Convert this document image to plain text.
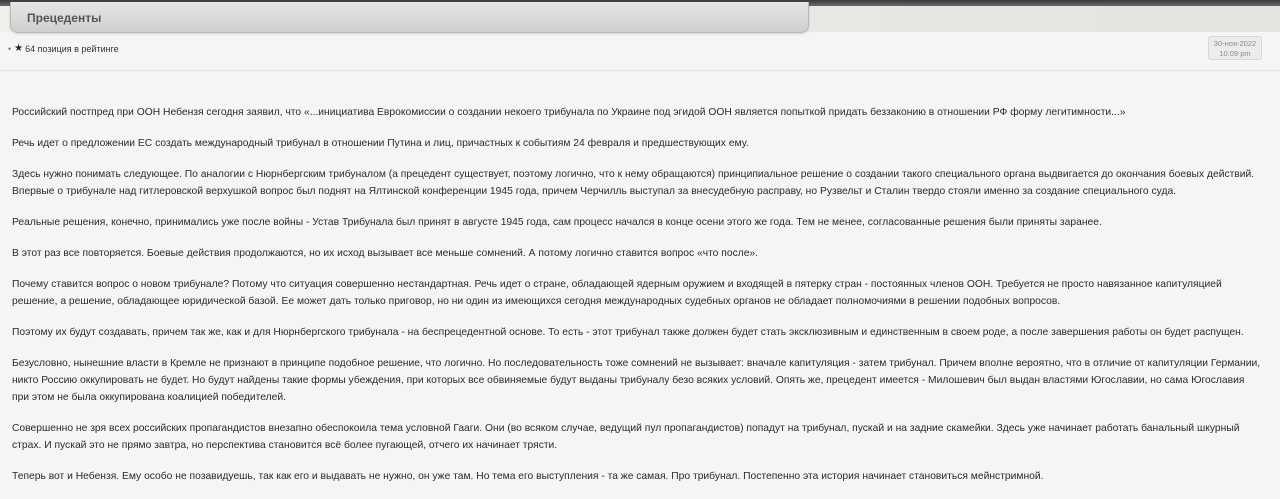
Прецеденты
• ★ 64 позиция в рейтинге	30-ноя-2022
10:09 pm

Российский постпред при ООН Небензя сегодня заявил, что «...инициатива Еврокомиссии о создании некоего трибунала по Украине под эгидой ООН является попыткой придать беззаконию в отношении РФ форму легитимности...»

Речь идет о предложении ЕС создать международный трибунал в отношении Путина и лиц, причастных к событиям 24 февраля и предшествующих ему.

Здесь нужно понимать следующее. По аналогии с Нюрнбергским трибуналом (а прецедент существует, поэтому логично, что к нему обращаются) принципиальное решение о создании такого специального органа выдвигается до окончания боевых действий. Впервые о трибунале над гитлеровской верхушкой вопрос был поднят на Ялтинской конференции 1945 года, причем Черчилль выступал за внесудебную расправу, но Рузвельт и Сталин твердо стояли именно за создание специального суда.

Реальные решения, конечно, принимались уже после войны - Устав Трибунала был принят в августе 1945 года, сам процесс начался в конце осени этого же года. Тем не менее, согласованные решения были приняты заранее.

В этот раз все повторяется. Боевые действия продолжаются, но их исход вызывает все меньше сомнений. А потому логично ставится вопрос «что после».

Почему ставится вопрос о новом трибунале? Потому что ситуация совершенно нестандартная. Речь идет о стране, обладающей ядерным оружием и входящей в пятерку стран - постоянных членов ООН. Требуется не просто навязанное капитуляцией решение, а решение, обладающее юридической базой. Ее может дать только приговор, но ни один из имеющихся сегодня международных судебных органов не обладает полномочиями в решении подобных вопросов.

Поэтому их будут создавать, причем так же, как и для Нюрнбергского трибунала - на беспрецедентной основе. То есть - этот трибунал также должен будет стать эксклюзивным и единственным в своем роде, а после завершения работы он будет распущен.

Безусловно, нынешние власти в Кремле не признают в принципе подобное решение, что логично. Но последовательность тоже сомнений не вызывает: вначале капитуляция - затем трибунал. Причем вполне вероятно, что в отличие от капитуляции Германии, никто Россию оккупировать не будет. Но будут найдены такие формы убеждения, при которых все обвиняемые будут выданы трибуналу безо всяких условий. Опять же, прецедент имеется - Милошевич был выдан властями Югославии, но сама Югославия при этом не была оккупирована коалицией победителей.

Совершенно не зря всех российских пропагандистов внезапно обеспокоила тема условной Гааги. Они (во всяком случае, ведущий пул пропагандистов) попадут на трибунал, пускай и на задние скамейки. Здесь уже начинает работать банальный шкурный страх. И пускай это не прямо завтра, но перспектива становится всё более пугающей, отчего их начинает трясти.

Теперь вот и Небензя. Ему особо не позавидуешь, так как его и выдавать не нужно, он уже там. Но тема его выступления - та же самая. Про трибунал. Постепенно эта история начинает становиться мейнстримной.
